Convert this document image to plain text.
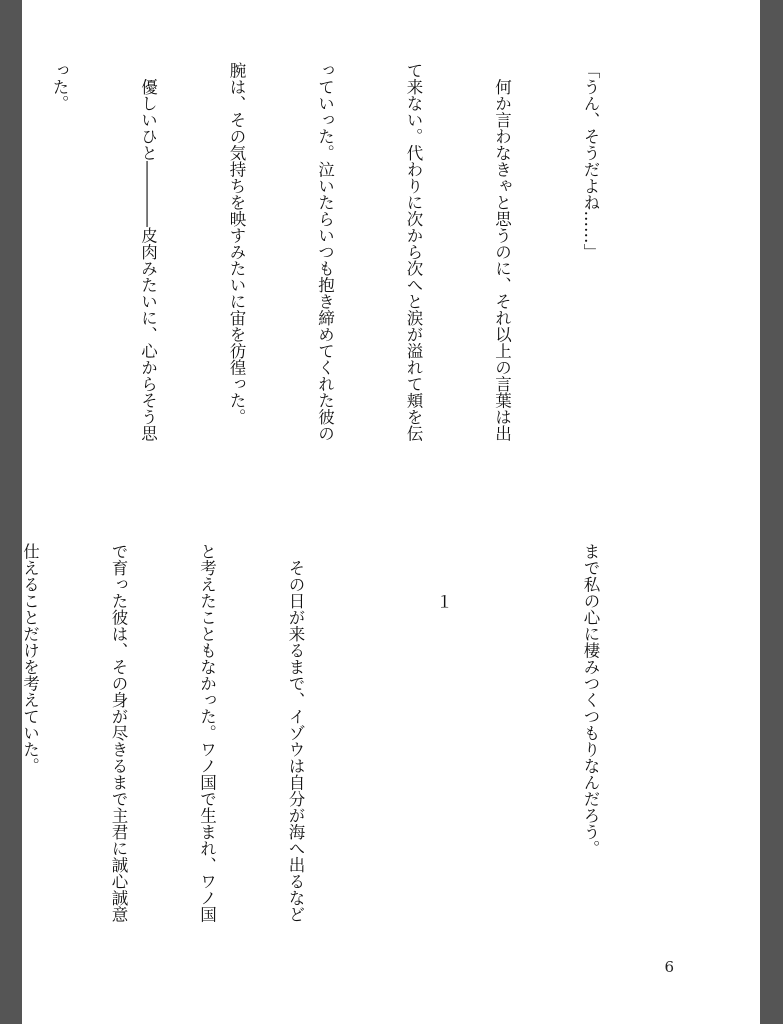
「うん、そうだよね……」

　何か言わなきゃと思うのに、それ以上の言葉は出

て来ない。代わりに次から次へと涙が溢れて頬を伝

っていった。泣いたらいつも抱き締めてくれた彼の

腕は、その気持ちを映すみたいに宙を彷徨った。

　優しいひと――――皮肉みたいに、心からそう思

った。

まで私の心に棲みつくつもりなんだろう。

１

　その日が来るまで、イゾウは自分が海へ出るなど

と考えたこともなかった。ワノ国で生まれ、ワノ国

で育った彼は、その身が尽きるまで主君に誠心誠意

仕えることだけを考えていた。

6
